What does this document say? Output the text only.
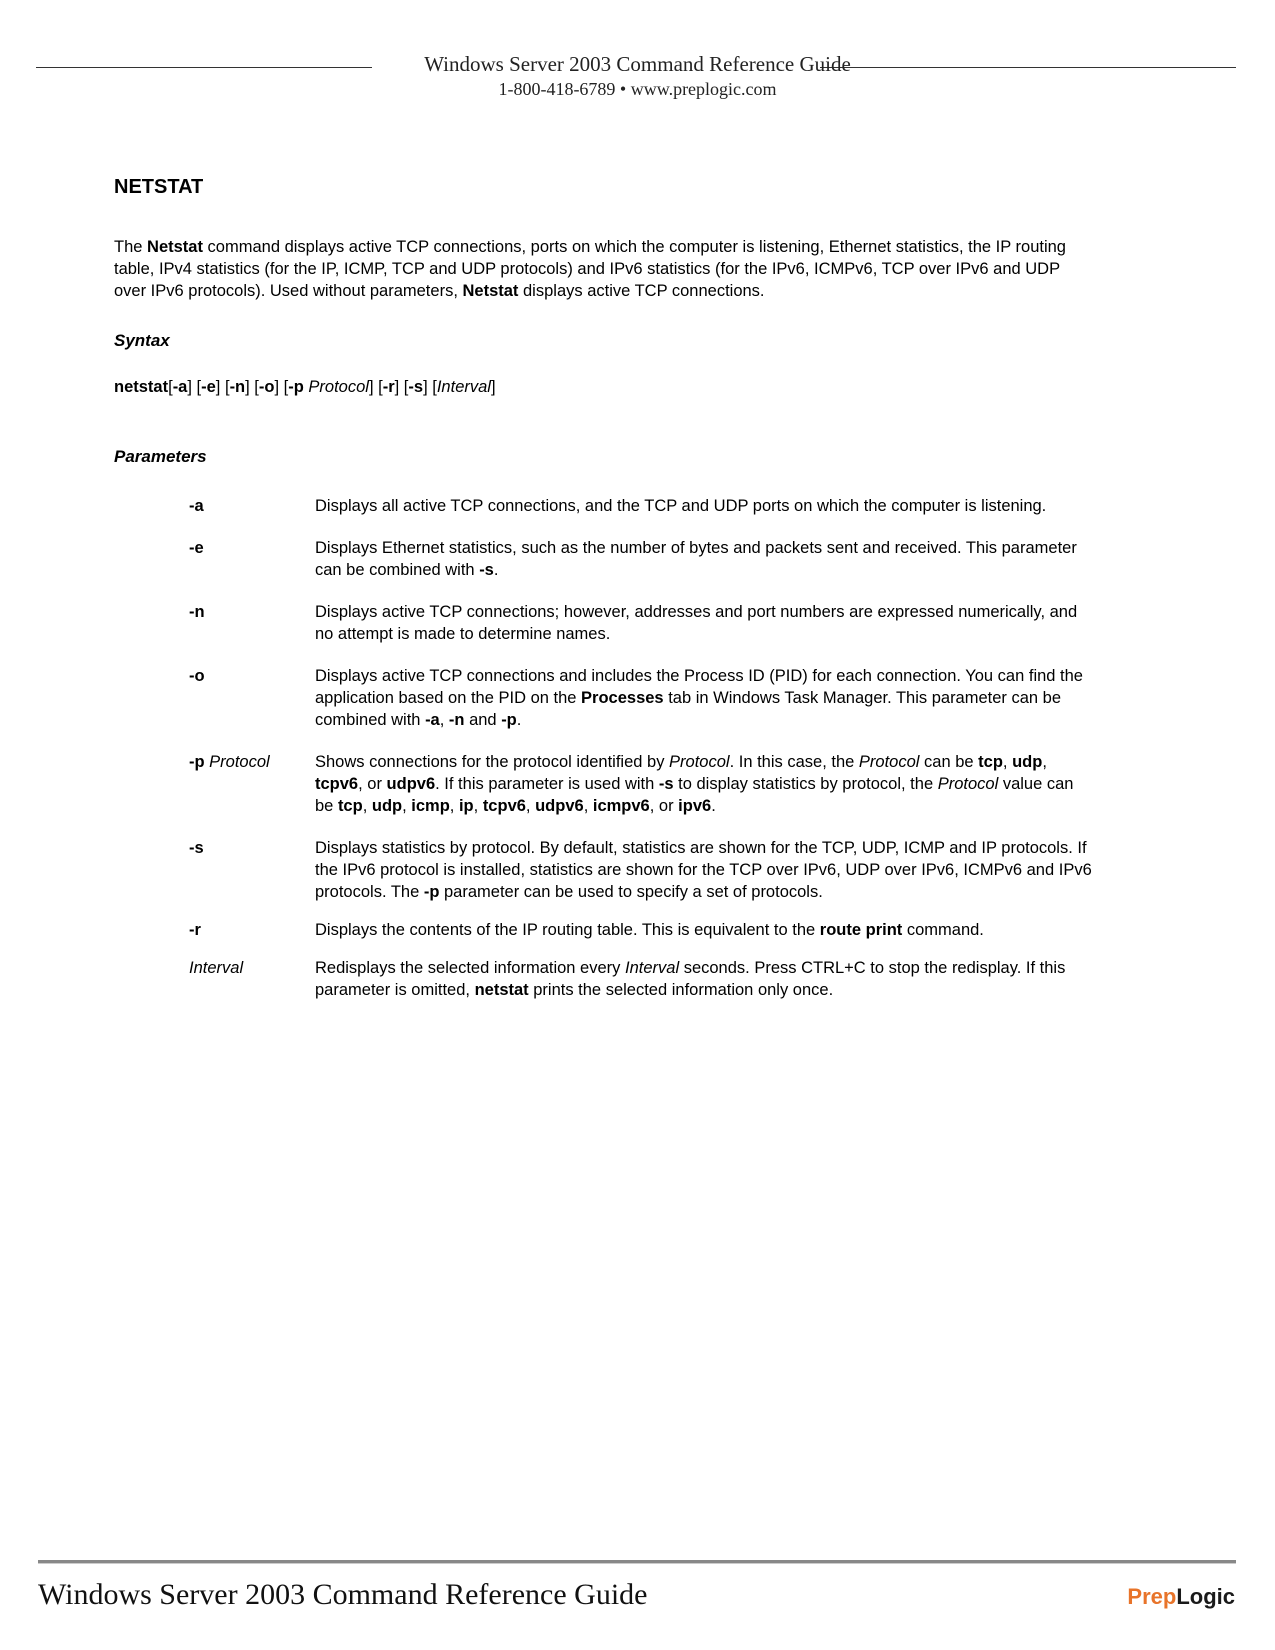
Windows Server 2003 Command Reference Guide
1-800-418-6789 • www.preplogic.com
NETSTAT

The Netstat command displays active TCP connections, ports on which the computer is listening, Ethernet statistics, the IP routing table, IPv4 statistics (for the IP, ICMP, TCP and UDP protocols) and IPv6 statistics (for the IPv6, ICMPv6, TCP over IPv6 and UDP over IPv6 protocols). Used without parameters, Netstat displays active TCP connections.

Syntax
netstat[-a] [-e] [-n] [-o] [-p Protocol] [-r] [-s] [Interval]
Parameters
-a	Displays all active TCP connections, and the TCP and UDP ports on which the computer is listening.
-e	Displays Ethernet statistics, such as the number of bytes and packets sent and received. This parameter can be combined with -s.
-n	Displays active TCP connections; however, addresses and port numbers are expressed numerically, and no attempt is made to determine names.
-o	Displays active TCP connections and includes the Process ID (PID) for each connection. You can find the application based on the PID on the Processes tab in Windows Task Manager. This parameter can be combined with -a, -n and -p.
-p Protocol	Shows connections for the protocol identified by Protocol. In this case, the Protocol can be tcp, udp, tcpv6, or udpv6. If this parameter is used with -s to display statistics by protocol, the Protocol value can be tcp, udp, icmp, ip, tcpv6, udpv6, icmpv6, or ipv6.
-s	Displays statistics by protocol. By default, statistics are shown for the TCP, UDP, ICMP and IP protocols. If the IPv6 protocol is installed, statistics are shown for the TCP over IPv6, UDP over IPv6, ICMPv6 and IPv6 protocols. The -p parameter can be used to specify a set of protocols.
-r	Displays the contents of the IP routing table. This is equivalent to the route print command.
Interval	Redisplays the selected information every Interval seconds. Press CTRL+C to stop the redisplay. If this parameter is omitted, netstat prints the selected information only once.
Windows Server 2003 Command Reference Guide	PrepLogic
